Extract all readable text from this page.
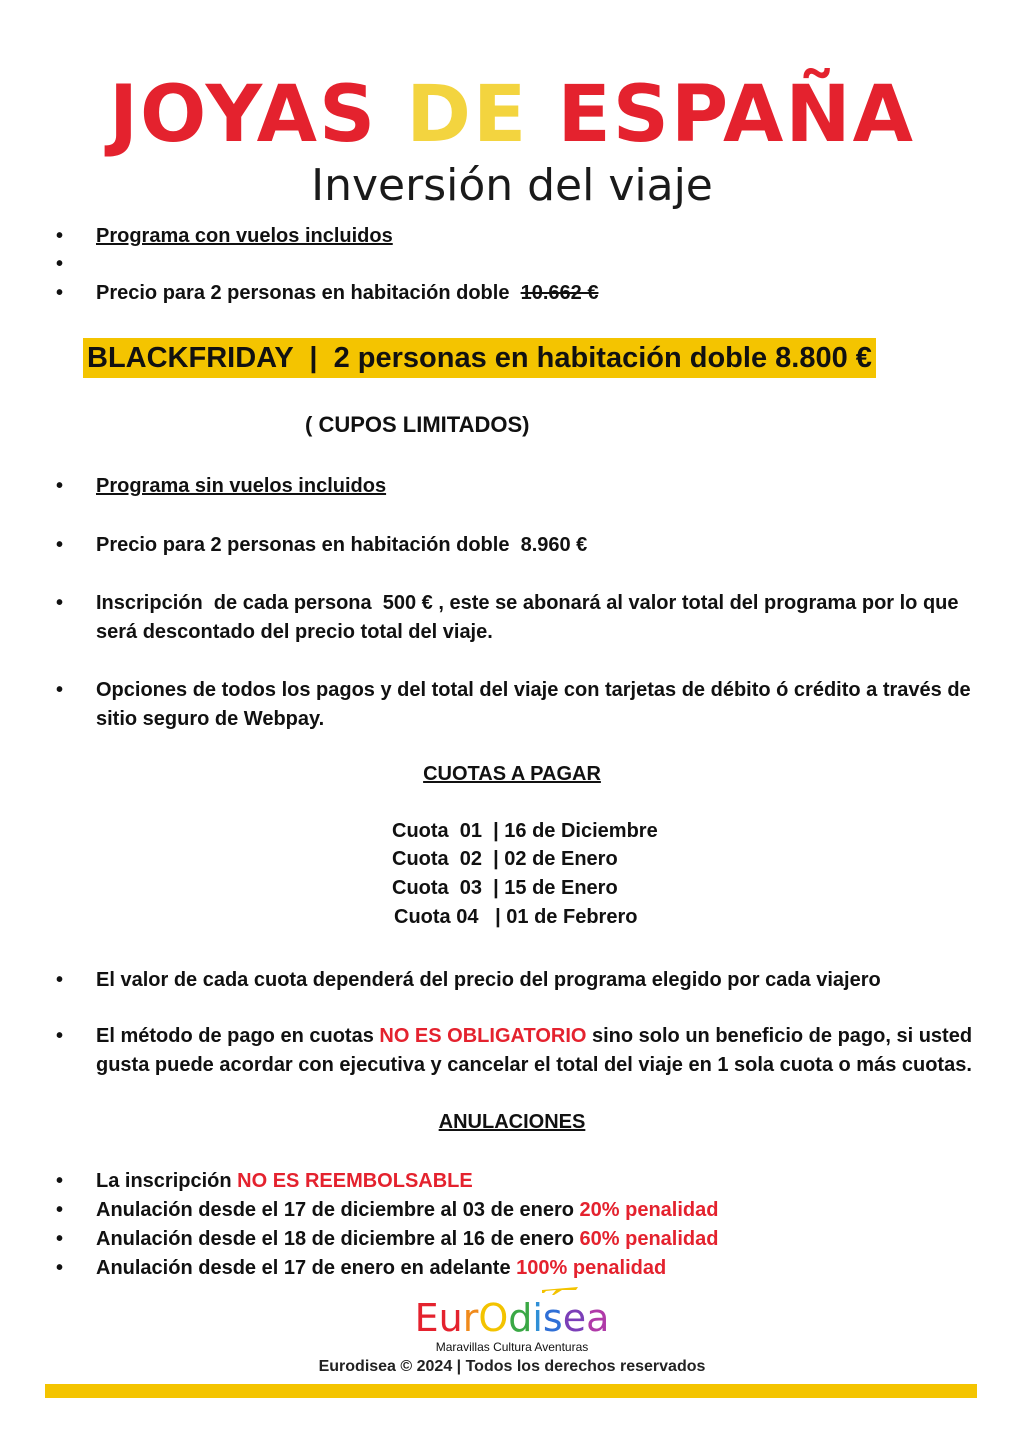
JOYAS DE ESPAÑA
Inversión del viaje
• Programa con vuelos incluidos
•

• Precio para 2 personas en habitación doble 10.662 €
BLACKFRIDAY  |  2 personas en habitación doble 8.800 €
( CUPOS LIMITADOS)
• Programa sin vuelos incluidos
• Precio para 2 personas en habitación doble  8.960 €
• Inscripción  de cada persona  500 € , este se abonará al valor total del programa por lo que será descontado del precio total del viaje.
• Opciones de todos los pagos y del total del viaje con tarjetas de débito ó crédito a través de sitio seguro de Webpay.
CUOTAS A PAGAR
Cuota  01  | 16 de Diciembre
Cuota  02  | 02 de Enero
Cuota  03  | 15 de Enero
Cuota 04   | 01 de Febrero
• El valor de cada cuota dependerá del precio del programa elegido por cada viajero
• El método de pago en cuotas NO ES OBLIGATORIO sino solo un beneficio de pago, si usted gusta puede acordar con ejecutiva y cancelar el total del viaje en 1 sola cuota o más cuotas.
ANULACIONES
• La inscripción NO ES REEMBOLSABLE
• Anulación desde el 17 de diciembre al 03 de enero 20% penalidad
• Anulación desde el 18 de diciembre al 16 de enero 60% penalidad
• Anulación desde el 17 de enero en adelante 100% penalidad
EurOdisea
Maravillas Cultura Aventuras
Eurodisea © 2024 | Todos los derechos reservados
